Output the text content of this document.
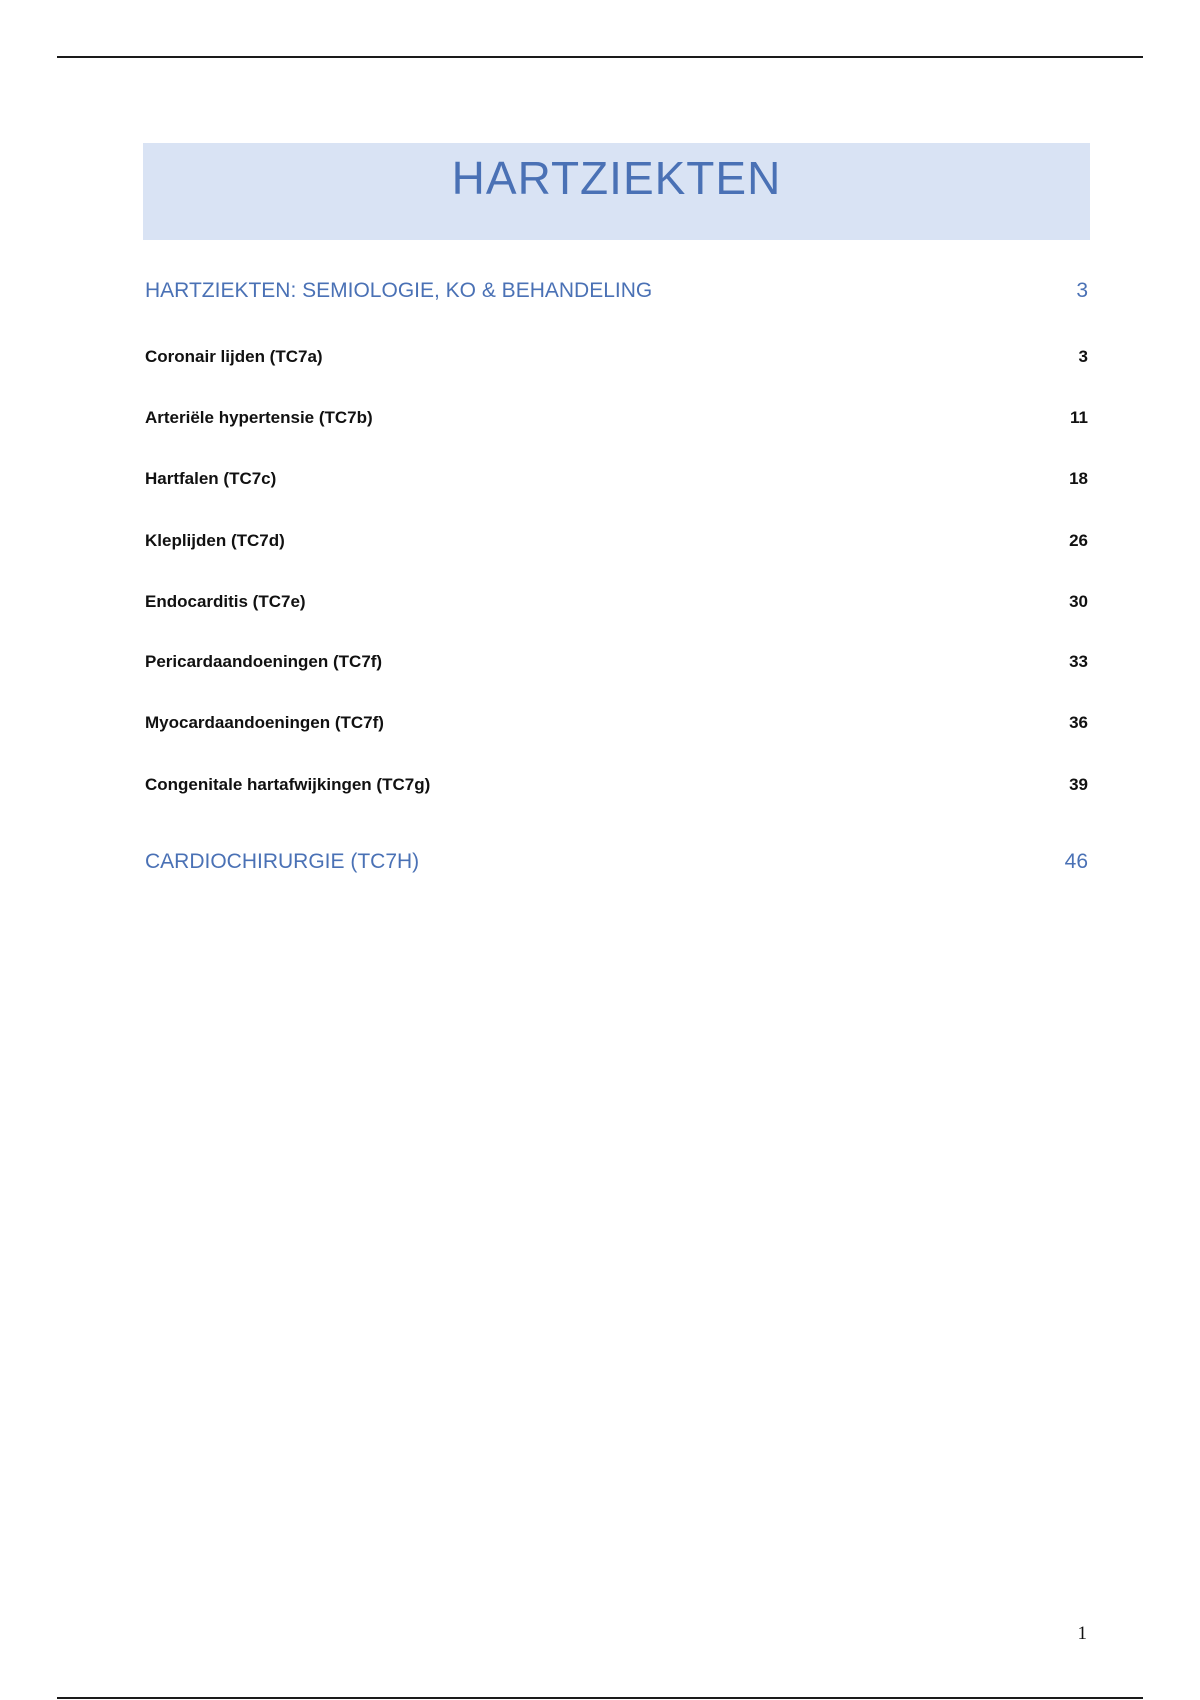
HARTZIEKTEN
HARTZIEKTEN: SEMIOLOGIE, KO & BEHANDELING	3
Coronair lijden (TC7a)	3
Arteriële hypertensie (TC7b)	11
Hartfalen (TC7c)	18
Kleplijden (TC7d)	26
Endocarditis (TC7e)	30
Pericardaandoeningen (TC7f)	33
Myocardaandoeningen (TC7f)	36
Congenitale hartafwijkingen (TC7g)	39
CARDIOCHIRURGIE (TC7H)	46
1
